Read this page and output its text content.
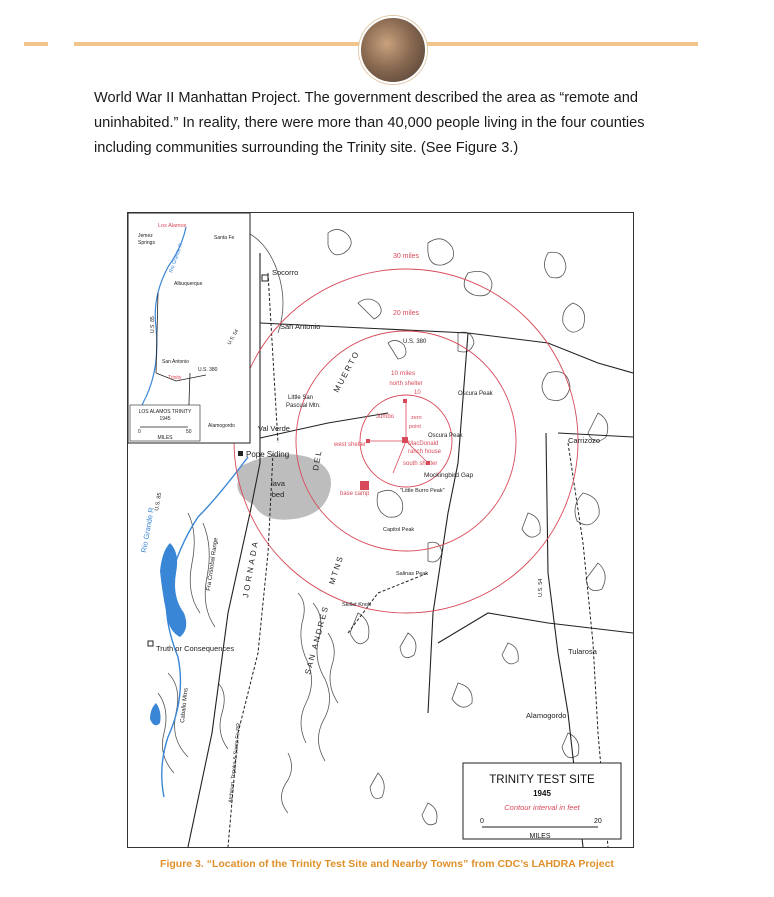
World War II Manhattan Project. The government described the area as “remote and uninhabited.” In reality, there were more than 40,000 people living in the four counties including communities surrounding the Trinity site. (See Figure 3.)

lava
bed
Rio Grande R
30 miles
20 miles
10 miles
north shelter
10
Jumbo	zero
point
west shelter	MacDonald
ranch house
south shelter
base camp
Oscura Peak
Oscura Peak
Mockingbird Gap
"Little Burro Peak"
Capitol Peak
Salinas Peak
Skillet Knob
U.S. 380
Little San
Pascual Mtn.
MUERTO
DEL
JORNADA
SAN ANDRES
MTNS
Fra Cristobal Range
Caballo Mtns
Atchison, Topeka & Santa Fe RR
U.S. 85
U.S. 54
Socorro
San Antonio
Val Verde
Pope Siding
Carrizozo
Tularosa
Alamogordo
Truth or Consequences
Los Alamos
Jemez
Springs
Santa Fe
Rio Grande R
Albuquerque
U.S. 85
U.S. 54
San Antonio
U.S. 380
Trinity
Alamogordo
LOS ALAMOS TRINITY
1945
0	50
MILES
TRINITY TEST SITE
1945
Contour interval in feet
0	20
MILES
Figure 3. “Location of the Trinity Test Site and Nearby Towns” from CDC’s LAHDRA Project
